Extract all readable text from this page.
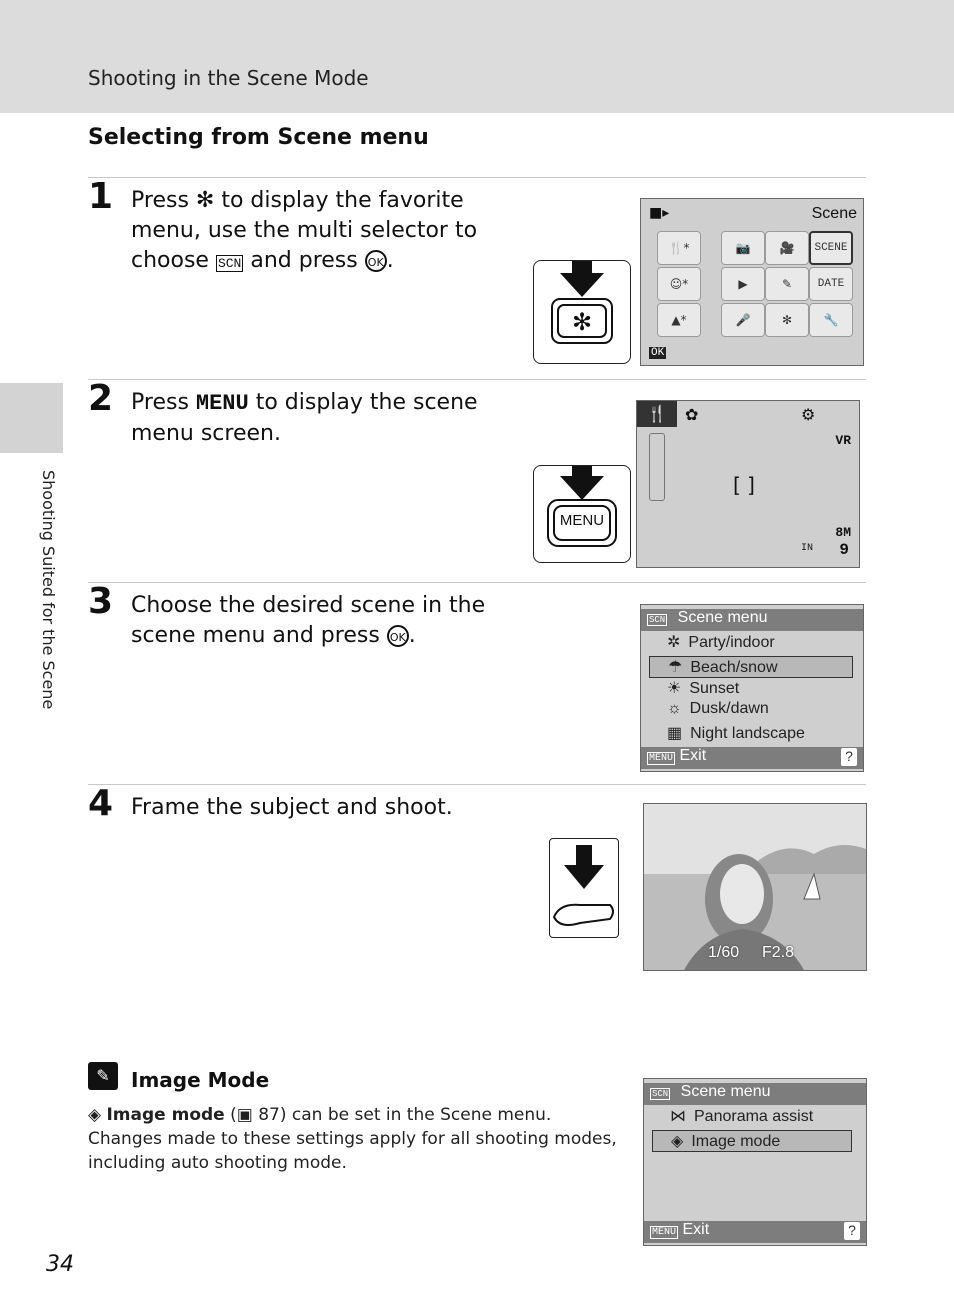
Shooting in the Scene Mode
Selecting from Scene menu
Shooting Suited for the Scene
1 Press ✻ to display the favorite menu, use the multi selector to choose SCN and press OK .
✻
■▸	Scene
🍴*	📷	🎥	SCENE
☺*	▶	✎	DATE
▲*	🎤	✻	🔧
OK
2 Press MENU to display the scene menu screen.
MENU
🍴	✿	⚙
VR
[ ]
8M
IN 9
3 Choose the desired scene in the scene menu and press OK .
SCN Scene menu
✲ Party/indoor
☂ Beach/snow
☀ Sunset
☼ Dusk/dawn
▦ Night landscape
MENU Exit	?
4 Frame the subject and shoot.
1/60 F2.8
✎	Image Mode
◈ Image mode (▣ 87) can be set in the Scene menu. Changes made to these settings apply for all shooting modes, including auto shooting mode.
SCN Scene menu
⋈ Panorama assist
◈ Image mode
MENU Exit	?
34
